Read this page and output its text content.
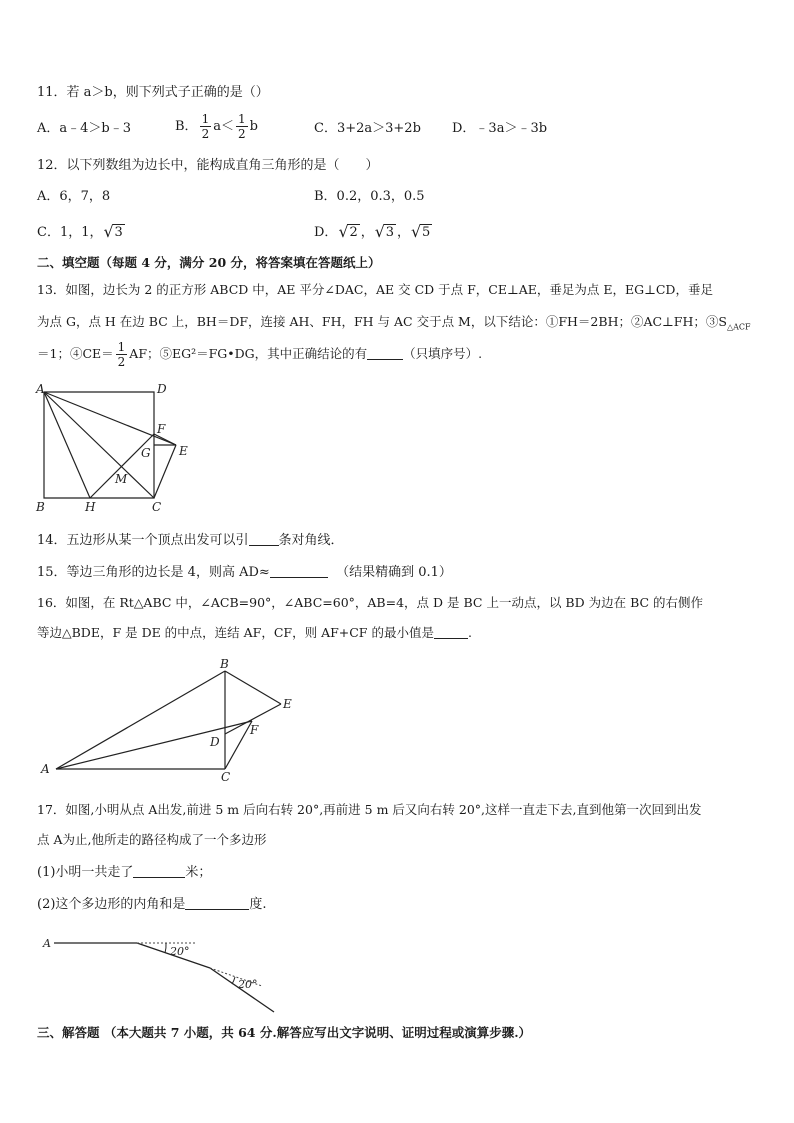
11．若 a＞b，则下列式子正确的是（）
A．a﹣4＞b﹣3	B． $\frac{1}{2} a< \frac{1}{2}$ b	C．3+2a＞3+2b D．﹣3a＞﹣3b
12．以下列数组为边长中，能构成直角三角形的是（　　）
A．6，7，8	B．0.2，0.3，0.5
C．1，1， √ 3	D． √ 2 ， √ 3 ， √ 5
二、填空题（每题 4 分，满分 20 分，将答案填在答题纸上）
13．如图，边长为 2 的正方形 ABCD 中，AE 平分∠DAC，AE 交 CD 于点 F，CE⊥AE，垂足为点 E，EG⊥CD，垂足
为点 G，点 H 在边 BC 上，BH＝DF，连接 AH、FH，FH 与 AC 交于点 M，以下结论：①FH＝2BH；②AC⊥FH；$③S_{\triangle ACF}$
＝1；④CE＝ $\frac{1}{2}$ AF；⑤EG²＝FG•DG，其中正确结论的有	（只填序号）.
A	D
F
G E
M
B	H	C
14．五边形从某一个顶点出发可以引 条对角线．
15．等边三角形的边长是 4，则高 AD≈	（结果精确到 0.1）
16．如图，在 Rt△ABC 中，∠ACB=90°，∠ABC=60°，AB=4，点 D 是 BC 上一动点，以 BD 为边在 BC 的右侧作
等边△BDE，F 是 DE 的中点，连结 AF，CF，则 AF+CF 的最小值是	.
B
E
F
D
A
C
17．如图,小明从点 A出发,前进 5 m 后向右转 20°,再前进 5 m 后又向右转 20°,这样一直走下去,直到他第一次回到出发
点 A为止,他所走的路径构成了一个多边形
(1)小明一共走了	米；
(2)这个多边形的内角和是	度.
A
20°
20°
三、解答题 （本大题共 7 小题，共 64 分.解答应写出文字说明、证明过程或演算步骤.）
